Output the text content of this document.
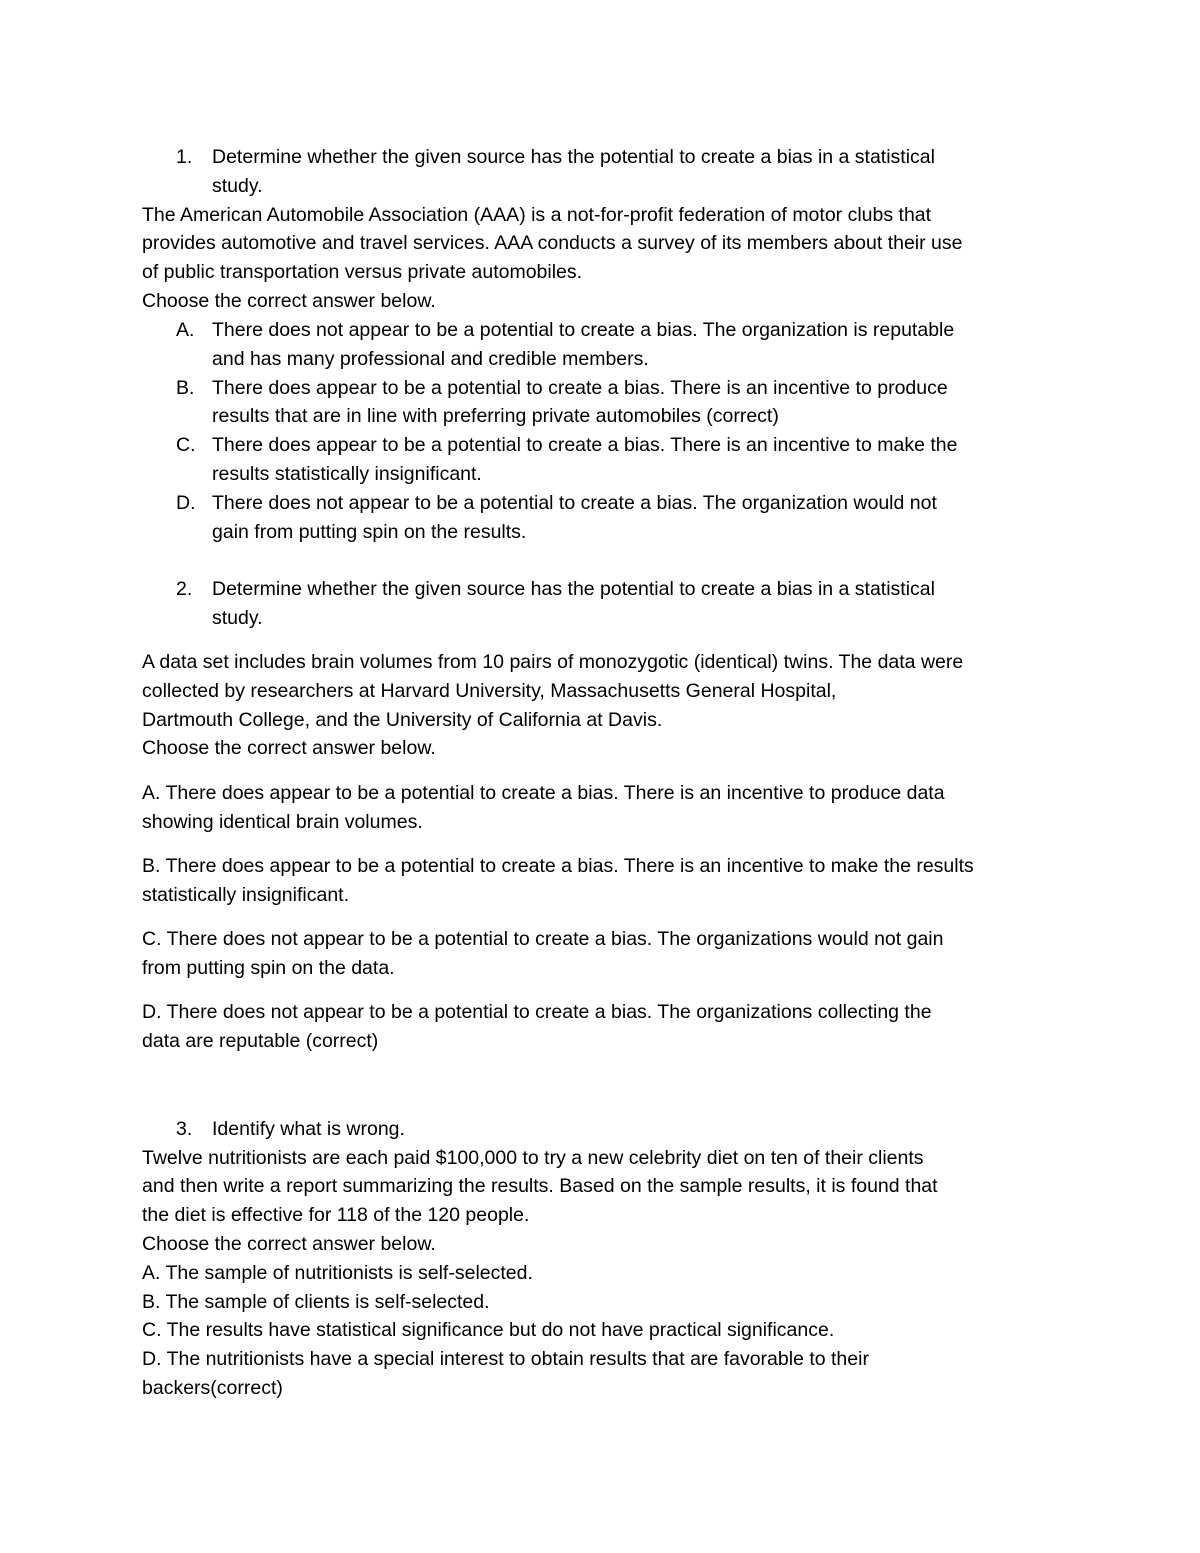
1. Determine whether the given source has the potential to create a bias in a statistical
study.
The American Automobile Association (AAA) is a not-for-profit federation of motor clubs that
provides automotive and travel services. AAA conducts a survey of its members about their use
of public transportation versus private automobiles.
Choose the correct answer below.
A. There does not appear to be a potential to create a bias. The organization is reputable
and has many professional and credible members.
B. There does appear to be a potential to create a bias. There is an incentive to produce
results that are in line with preferring private automobiles (correct)
C. There does appear to be a potential to create a bias. There is an incentive to make the
results statistically insignificant.
D. There does not appear to be a potential to create a bias. The organization would not
gain from putting spin on the results.
2. Determine whether the given source has the potential to create a bias in a statistical
study.
A data set includes brain volumes from 10 pairs of monozygotic (identical) twins. The data were
collected by researchers at Harvard University, Massachusetts General Hospital,
Dartmouth College, and the University of California at Davis.
Choose the correct answer below.
A. There does appear to be a potential to create a bias. There is an incentive to produce data
showing identical brain volumes.
B. There does appear to be a potential to create a bias. There is an incentive to make the results
statistically insignificant.
C. There does not appear to be a potential to create a bias. The organizations would not gain
from putting spin on the data.
D. There does not appear to be a potential to create a bias. The organizations collecting the
data are reputable (correct)
3. Identify what is wrong.
Twelve nutritionists are each paid $100,000 to try a new celebrity diet on ten of their clients
and then write a report summarizing the results. Based on the sample results, it is found that
the diet is effective for 118 of the 120 people.
Choose the correct answer below.
A. The sample of nutritionists is self-selected.
B. The sample of clients is self-selected.
C. The results have statistical significance but do not have practical significance.
D. The nutritionists have a special interest to obtain results that are favorable to their
backers(correct)
